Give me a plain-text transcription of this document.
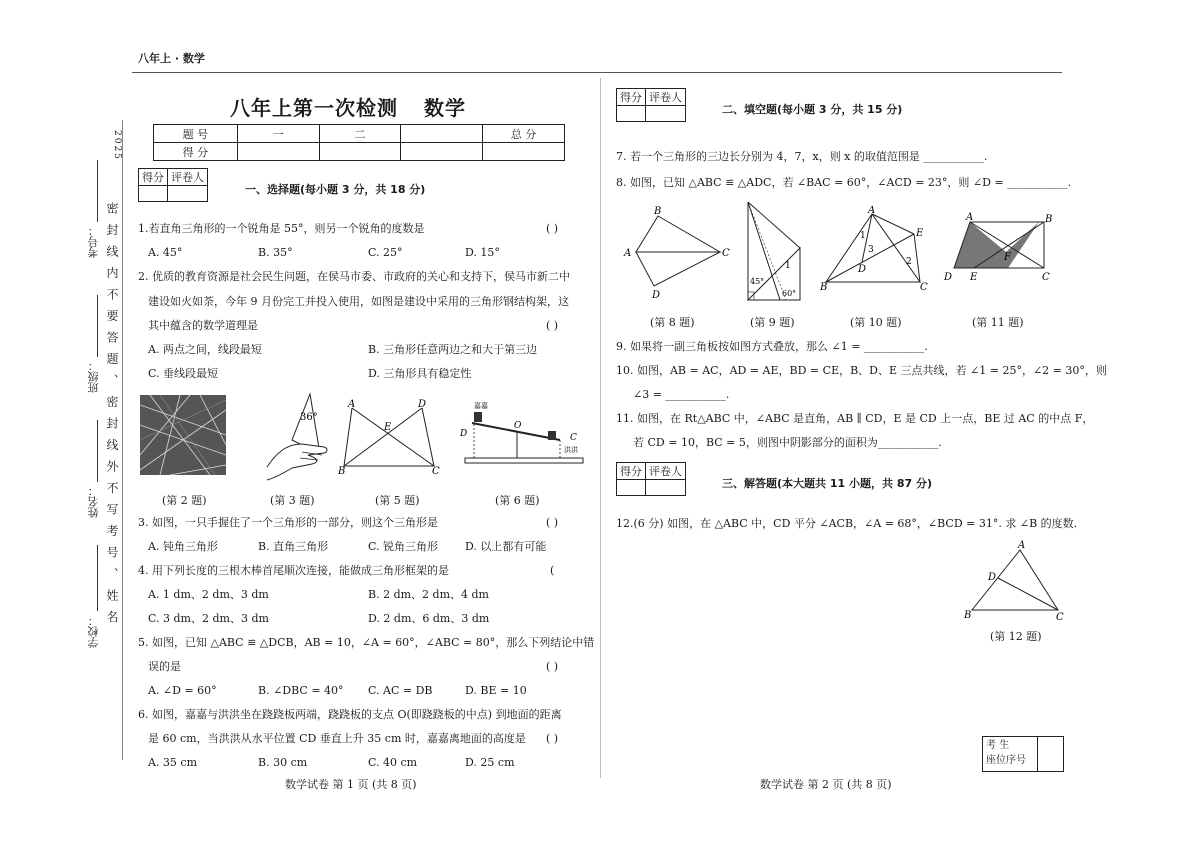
八年上 · 数学
2025
密封线内不要答题、密封线外不写考号、姓名
考号：
班级：
姓名：
学校：
八年上第一次检测 数学
题 号	一	二		总 分
得 分				
得分	评卷人

一、选择题(每小题 3 分，共 18 分)
1.若直角三角形的一个锐角是 55°，则另一个锐角的度数是	( )
A. 45°	B. 35°	C. 25°	D. 15°
2. 优质的教育资源是社会民生问题，在侯马市委、市政府的关心和支持下，侯马市新二中
建设如火如荼，今年 9 月份完工并投入使用，如图是建设中采用的三角形钢结构架，这
其中蕴含的数学道理是	( )
A. 两点之间，线段最短	B. 三角形任意两边之和大于第三边
C. 垂线段最短	D. 三角形具有稳定性
36°
A	D
E
B	C
D
O
C
嘉嘉
洪洪
(第 2 题)	(第 3 题)	(第 5 题)	(第 6 题)
3. 如图，一只手握住了一个三角形的一部分，则这个三角形是	( )
A. 钝角三角形	B. 直角三角形	C. 锐角三角形 D. 以上都有可能
4. 用下列长度的三根木棒首尾顺次连接，能做成三角形框架的是	(
A. 1 dm、2 dm、3 dm	B. 2 dm、2 dm、4 dm
C. 3 dm、2 dm、3 dm	D. 2 dm、6 dm、3 dm
5. 如图，已知 △ABC ≌ △DCB，AB = 10，∠A = 60°，∠ABC = 80°，那么下列结论中错
误的是	( )
A. ∠D = 60°	B. ∠DBC = 40° C. AC = DB	D. BE = 10
6. 如图，嘉嘉与洪洪坐在跷跷板两端，跷跷板的支点 O(即跷跷板的中点) 到地面的距离
是 60 cm，当洪洪从水平位置 CD 垂直上升 35 cm 时，嘉嘉离地面的高度是 ( )
A. 35 cm	B. 30 cm	C. 40 cm	D. 25 cm
数学试卷 第 1 页 (共 8 页)
得分	评卷人

二、填空题(每小题 3 分，共 15 分)
7. 若一个三角形的三边长分别为 4，7，x，则 x 的取值范围是 ___________.
8. 如图，已知 △ABC ≌ △ADC，若 ∠BAC = 60°，∠ACD = 23°，则 ∠D = ___________.
B
A	C
D
1
45°
60°
A
E
D
B	C
1
3
2
A	B
D E
F
C
(第 8 题)	(第 9 题)	(第 10 题)	(第 11 题)
9. 如果将一副三角板按如图方式叠放，那么 ∠1 = ___________.
10. 如图，AB = AC，AD = AE，BD = CE，B、D、E 三点共线，若 ∠1 = 25°，∠2 = 30°，则
∠3 = ___________.
11. 如图，在 Rt△ABC 中，∠ABC 是直角，AB ∥ CD，E 是 CD 上一点，BE 过 AC 的中点 F，
若 CD = 10，BC = 5，则图中阴影部分的面积为___________.
得分	评卷人

三、解答题(本大题共 11 小题，共 87 分)
12.(6 分) 如图，在 △ABC 中，CD 平分 ∠ACB，∠A = 68°，∠BCD = 31°. 求 ∠B 的度数.
A
D
B	C
(第 12 题)
考 生
座位序号
数学试卷 第 2 页 (共 8 页)
